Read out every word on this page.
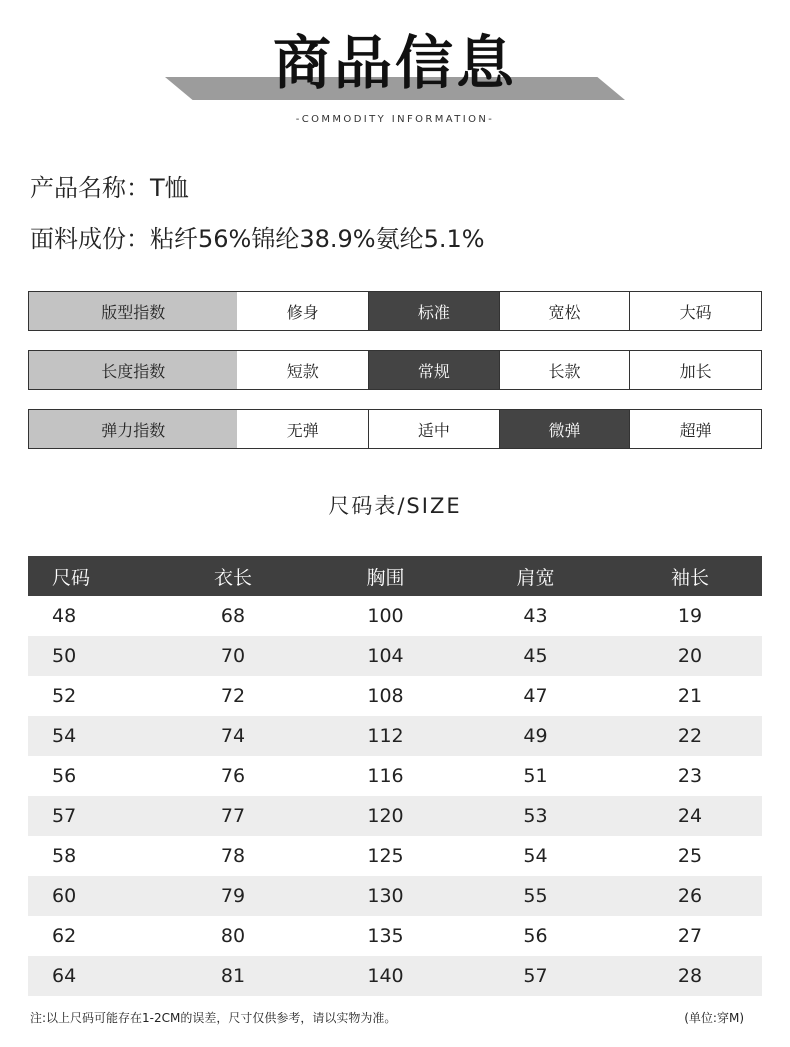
商品信息
-COMMODITY INFORMATION-
产品名称：T恤
面料成份：粘纤56%锦纶38.9%氨纶5.1%
版型指数	修身	标准	宽松	大码
长度指数	短款	常规	长款	加长
弹力指数	无弹	适中	微弹	超弹
尺码表/SIZE
尺码	衣长	胸围	肩宽	袖长
48	68	100	43	19
50	70	104	45	20
52	72	108	47	21
54	74	112	49	22
56	76	116	51	23
57	77	120	53	24
58	78	125	54	25
60	79	130	55	26
62	80	135	56	27
64	81	140	57	28
注:以上尺码可能存在1-2CM的误差，尺寸仅供参考，请以实物为准。	(单位:穿M)
